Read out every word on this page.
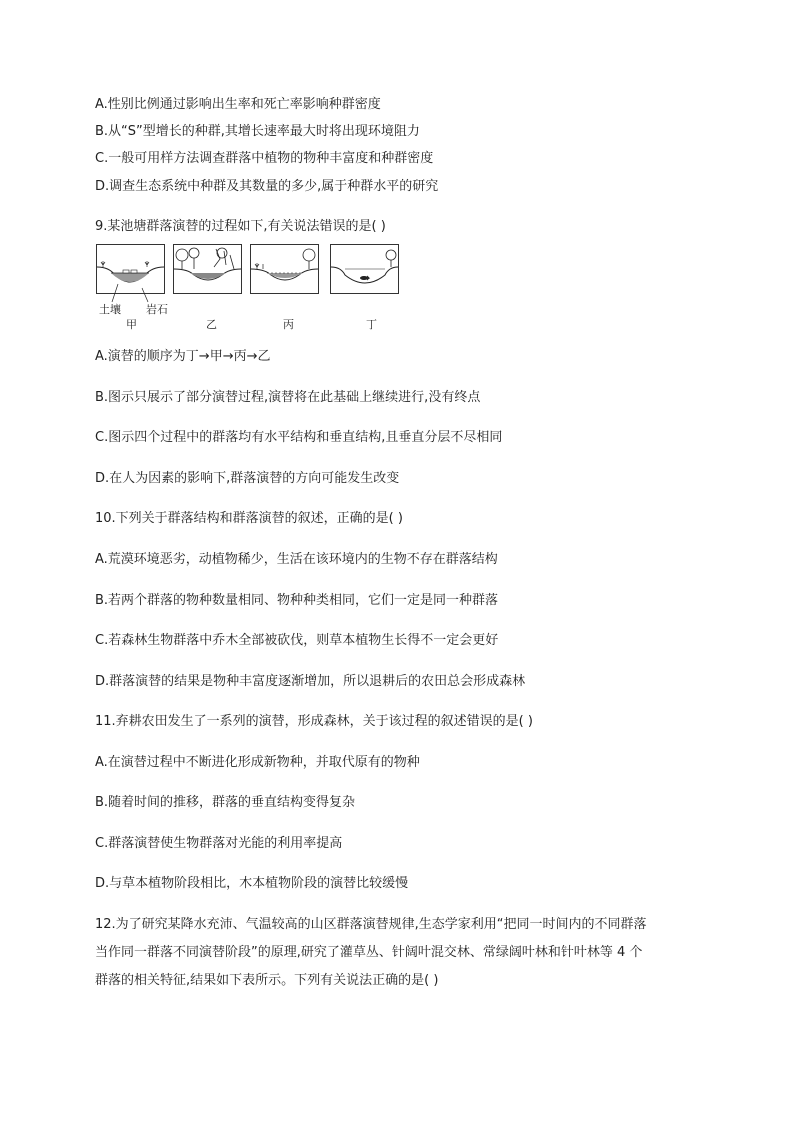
A.性别比例通过影响出生率和死亡率影响种群密度
B.从“S”型增长的种群,其增长速率最大时将出现环境阻力
C.一般可用样方法调查群落中植物的物种丰富度和种群密度
D.调查生态系统中种群及其数量的多少,属于种群水平的研究
9.某池塘群落演替的过程如下,有关说法错误的是( )
土壤 岩石
甲	乙	丙	丁
A.演替的顺序为丁→甲→丙→乙
B.图示只展示了部分演替过程,演替将在此基础上继续进行,没有终点
C.图示四个过程中的群落均有水平结构和垂直结构,且垂直分层不尽相同
D.在人为因素的影响下,群落演替的方向可能发生改变
10.下列关于群落结构和群落演替的叙述，正确的是( )
A.荒漠环境恶劣，动植物稀少，生活在该环境内的生物不存在群落结构
B.若两个群落的物种数量相同、物种种类相同，它们一定是同一种群落
C.若森林生物群落中乔木全部被砍伐，则草本植物生长得不一定会更好
D.群落演替的结果是物种丰富度逐渐增加，所以退耕后的农田总会形成森林
11.弃耕农田发生了一系列的演替，形成森林，关于该过程的叙述错误的是( )
A.在演替过程中不断进化形成新物种，并取代原有的物种
B.随着时间的推移，群落的垂直结构变得复杂
C.群落演替使生物群落对光能的利用率提高
D.与草本植物阶段相比，木本植物阶段的演替比较缓慢
12.为了研究某降水充沛、气温较高的山区群落演替规律,生态学家利用“把同一时间内的不同群落
当作同一群落不同演替阶段”的原理,研究了灌草丛、针阔叶混交林、常绿阔叶林和针叶林等 4 个
群落的相关特征,结果如下表所示。下列有关说法正确的是( )
